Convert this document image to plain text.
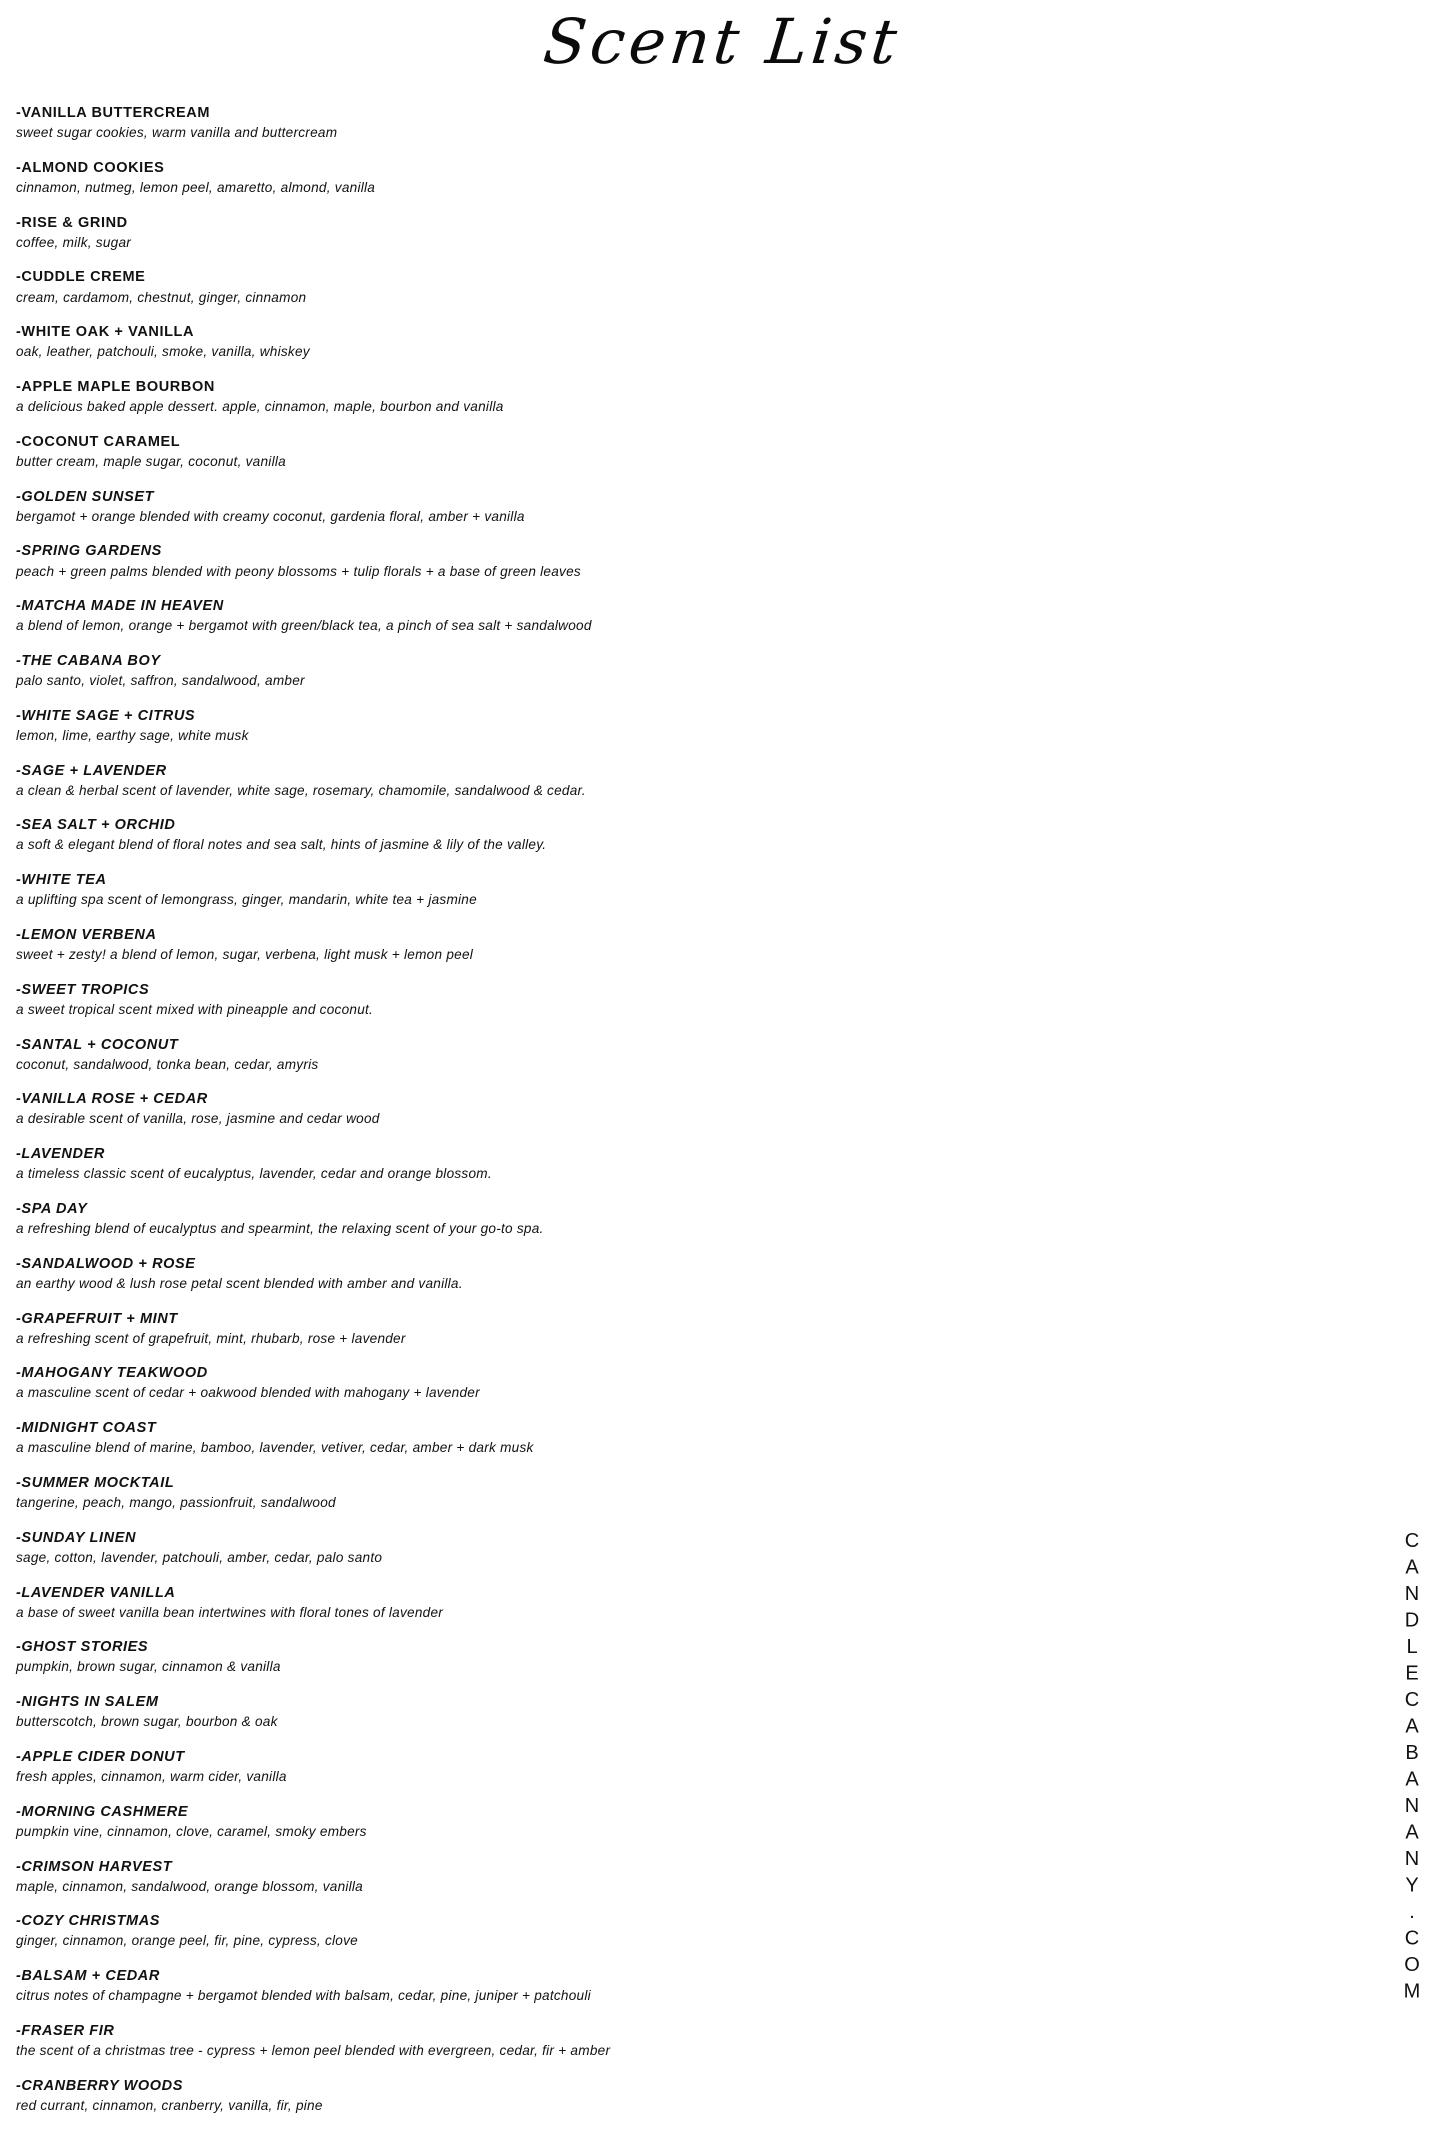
Scent List
-VANILLA BUTTERCREAM
sweet sugar cookies, warm vanilla and buttercream
-ALMOND COOKIES
cinnamon, nutmeg, lemon peel, amaretto, almond, vanilla
-RISE & GRIND
coffee, milk, sugar
-CUDDLE CREME
cream, cardamom, chestnut, ginger, cinnamon
-WHITE OAK + VANILLA
oak, leather, patchouli, smoke, vanilla, whiskey
-APPLE MAPLE BOURBON
a delicious baked apple dessert. apple, cinnamon, maple, bourbon and vanilla
-COCONUT CARAMEL
butter cream, maple sugar, coconut, vanilla
-GOLDEN SUNSET
bergamot + orange blended with creamy coconut, gardenia floral, amber + vanilla
-SPRING GARDENS
peach + green palms blended with peony blossoms + tulip florals + a base of green leaves
-MATCHA MADE IN HEAVEN
a blend of lemon, orange + bergamot with green/black tea, a pinch of sea salt + sandalwood
-THE CABANA BOY
palo santo, violet, saffron, sandalwood, amber
-WHITE SAGE + CITRUS
lemon, lime, earthy sage, white musk
-SAGE + LAVENDER
a clean & herbal scent of lavender, white sage, rosemary, chamomile, sandalwood & cedar.
-SEA SALT + ORCHID
a soft & elegant blend of floral notes and sea salt, hints of jasmine & lily of the valley.
-WHITE TEA
a uplifting spa scent of lemongrass, ginger, mandarin, white tea + jasmine
-LEMON VERBENA
sweet + zesty! a blend of lemon, sugar, verbena, light musk + lemon peel
-SWEET TROPICS
a sweet tropical scent mixed with pineapple and coconut.
-SANTAL + COCONUT
coconut, sandalwood, tonka bean, cedar, amyris
-VANILLA ROSE + CEDAR
a desirable scent of vanilla, rose, jasmine and cedar wood
-LAVENDER
a timeless classic scent of eucalyptus, lavender, cedar and orange blossom.
-SPA DAY
a refreshing blend of eucalyptus and spearmint, the relaxing scent of your go-to spa.
-SANDALWOOD + ROSE
an earthy wood & lush rose petal scent blended with amber and vanilla.
-GRAPEFRUIT + MINT
a refreshing scent of grapefruit, mint, rhubarb, rose + lavender
-MAHOGANY TEAKWOOD
a masculine scent of cedar + oakwood blended with mahogany + lavender
-MIDNIGHT COAST
a masculine blend of marine, bamboo, lavender, vetiver, cedar, amber + dark musk
-SUMMER MOCKTAIL
tangerine, peach, mango, passionfruit, sandalwood
-SUNDAY LINEN
sage, cotton, lavender, patchouli, amber, cedar, palo santo
-LAVENDER VANILLA
a base of sweet vanilla bean intertwines with floral tones of lavender
-GHOST STORIES
pumpkin, brown sugar, cinnamon & vanilla
-NIGHTS IN SALEM
butterscotch, brown sugar, bourbon & oak
-APPLE CIDER DONUT
fresh apples, cinnamon, warm cider, vanilla
-MORNING CASHMERE
pumpkin vine, cinnamon, clove, caramel, smoky embers
-CRIMSON HARVEST
maple, cinnamon, sandalwood, orange blossom, vanilla
-COZY CHRISTMAS
ginger, cinnamon, orange peel, fir, pine, cypress, clove
-BALSAM + CEDAR
citrus notes of champagne + bergamot blended with balsam, cedar, pine, juniper + patchouli
-FRASER FIR
the scent of a christmas tree - cypress + lemon peel blended with evergreen, cedar, fir + amber
-CRANBERRY WOODS
red currant, cinnamon, cranberry, vanilla, fir, pine
CANDLECABANANY.COM
